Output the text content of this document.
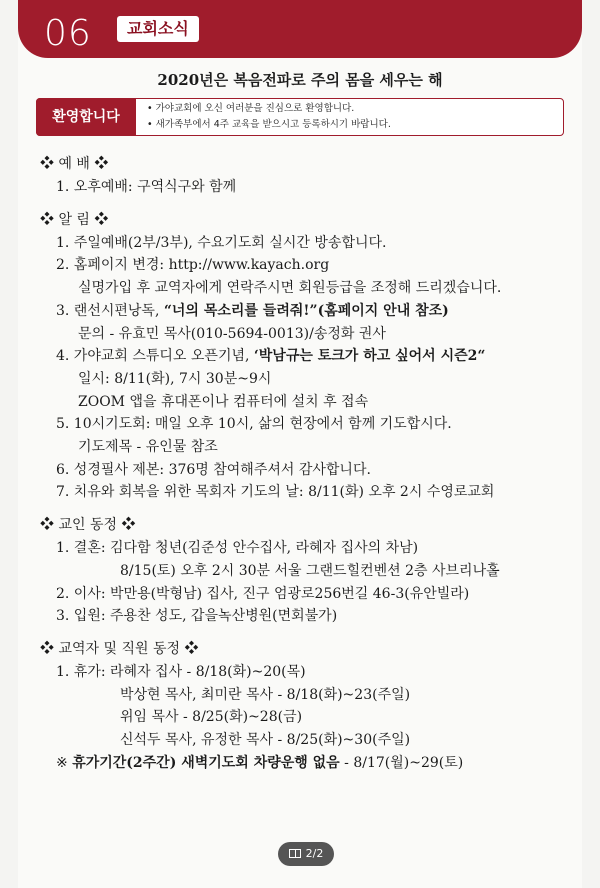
06	교회소식
2020년은 복음전파로 주의 몸을 세우는 해
환영합니다
• 가야교회에 오신 여러분을 진심으로 환영합니다.
• 새가족부에서 4주 교육을 받으시고 등록하시기 바랍니다.
❖ 예 배 ❖
1. 오후예배: 구역식구와 함께
❖ 알 림 ❖
1. 주일예배(2부/3부), 수요기도회 실시간 방송합니다.
2. 홈페이지 변경: http://www.kayach.org
실명가입 후 교역자에게 연락주시면 회원등급을 조정해 드리겠습니다.
3. 랜선시편낭독, “너의 목소리를 들려줘!”(홈페이지 안내 참조)
문의 - 유효민 목사(010-5694-0013)/송정화 권사
4. 가야교회 스튜디오 오픈기념, ‘박남규는 토크가 하고 싶어서 시즌2“
일시: 8/11(화), 7시 30분~9시
ZOOM 앱을 휴대폰이나 컴퓨터에 설치 후 접속
5. 10시기도회: 매일 오후 10시, 삶의 현장에서 함께 기도합시다.
기도제목 - 유인물 참조
6. 성경필사 제본: 376명 참여해주셔서 감사합니다.
7. 치유와 회복을 위한 목회자 기도의 날: 8/11(화) 오후 2시 수영로교회
❖ 교인 동정 ❖
1. 결혼: 김다함 청년(김준성 안수집사, 라혜자 집사의 차남)
8/15(토) 오후 2시 30분 서울 그랜드힐컨벤션 2층 사브리나홀
2. 이사: 박만용(박형남) 집사, 진구 엄광로256번길 46-3(유안빌라)
3. 입원: 주용찬 성도, 갑을녹산병원(면회불가)
❖ 교역자 및 직원 동정 ❖
1. 휴가: 라혜자 집사 - 8/18(화)~20(목)
박상현 목사, 최미란 목사 - 8/18(화)~23(주일)
위임 목사 - 8/25(화)~28(금)
신석두 목사, 유정한 목사 - 8/25(화)~30(주일)
※ 휴가기간(2주간) 새벽기도회 차량운행 없음 - 8/17(월)~29(토)
2/2
